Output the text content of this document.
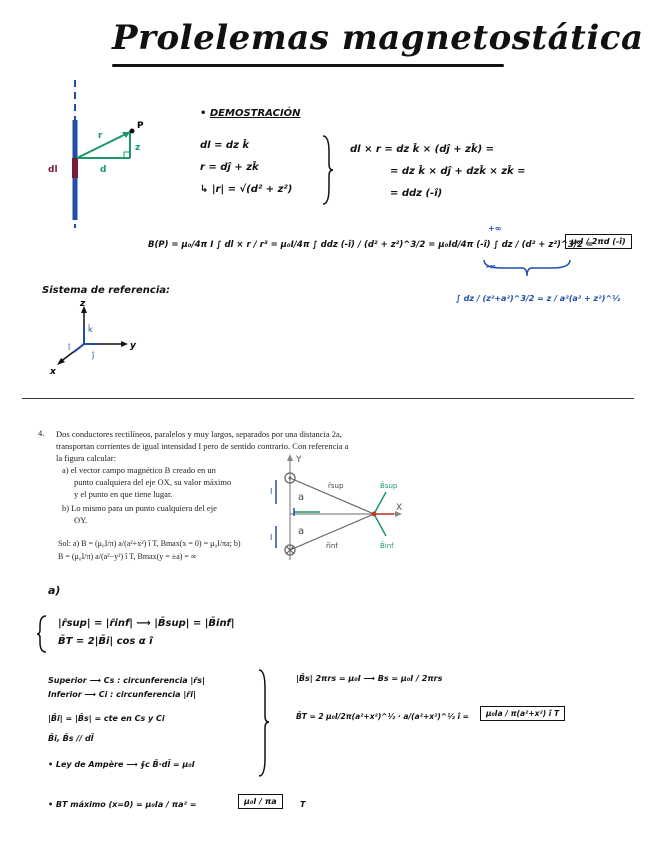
Prolelemas magnetostática
P
r
d
z
dl
• DEMOSTRACIÓN
dl = dz k̂
r = dĵ + zk̂
↳ |r| = √(d² + z²)
dl × r = dz k̂ × (dĵ + zk̂) =
= dz k̂ × dĵ + dzk̂ × zk̂ =
= ddz (-î)
+∞
B(P) = μ₀/4π I ∫ dl × r / r³ = μ₀I/4π ∫ ddz (-î) / (d² + z²)^3/2 = μ₀Id/4π (-î) ∫ dz / (d² + z²)^3/2 =
μ₀I / 2πd (-î)
-∞
∫ dz / (z²+a²)^3/2 = z / a²(a² + z²)^½
Sistema de referencia:
z
y
x
k̂
ĵ
î
4. Dos conductores rectilíneos, paralelos y muy largos, separados por una distancia 2a,
transportan corrientes de igual intensidad I pero de sentido contrario. Con referencia a
la figura calcular:
a) el vector campo magnético B creado en un
punto cualquiera del eje OX, su valor máximo
y el punto en que tiene lugar.
b) Lo mismo para un punto cualquiera del eje
OY.
Sol: a) B = (μ₀I/π) a/(a²+x²) î T, Bmax(x = 0) = μ₀I/πa; b)
B = (μ₀I/π) a/(a²−y²) î T, Bmax(y = ±a) = ∞
Y
X
a
a
r̄sup
r̄inf
B̄sup
B̄inf
I
I
a)
|r̄sup| = |r̄inf| ⟶ |B̄sup| = |B̄inf|
B̄T = 2|B̄i| cos α î
Superior ⟶ Cs : circunferencia |r̄s|
Inferior ⟶ Ci : circunferencia |r̄i|
|B̄i| = |B̄s| = cte en Cs y Ci
B̄i, B̄s // dl̄
• Ley de Ampère ⟶ ∮c B̄·dl̄ = μ₀I
|B̄s| 2πrs = μ₀I ⟶ Bs = μ₀I / 2πrs
B̄T = 2 μ₀I/2π(a²+x²)^½ · a/(a²+x²)^½ î =	μ₀Ia / π(a²+x²) î T
• BT máximo (x=0) = μ₀Ia / πa² =	μ₀I / πa	T
